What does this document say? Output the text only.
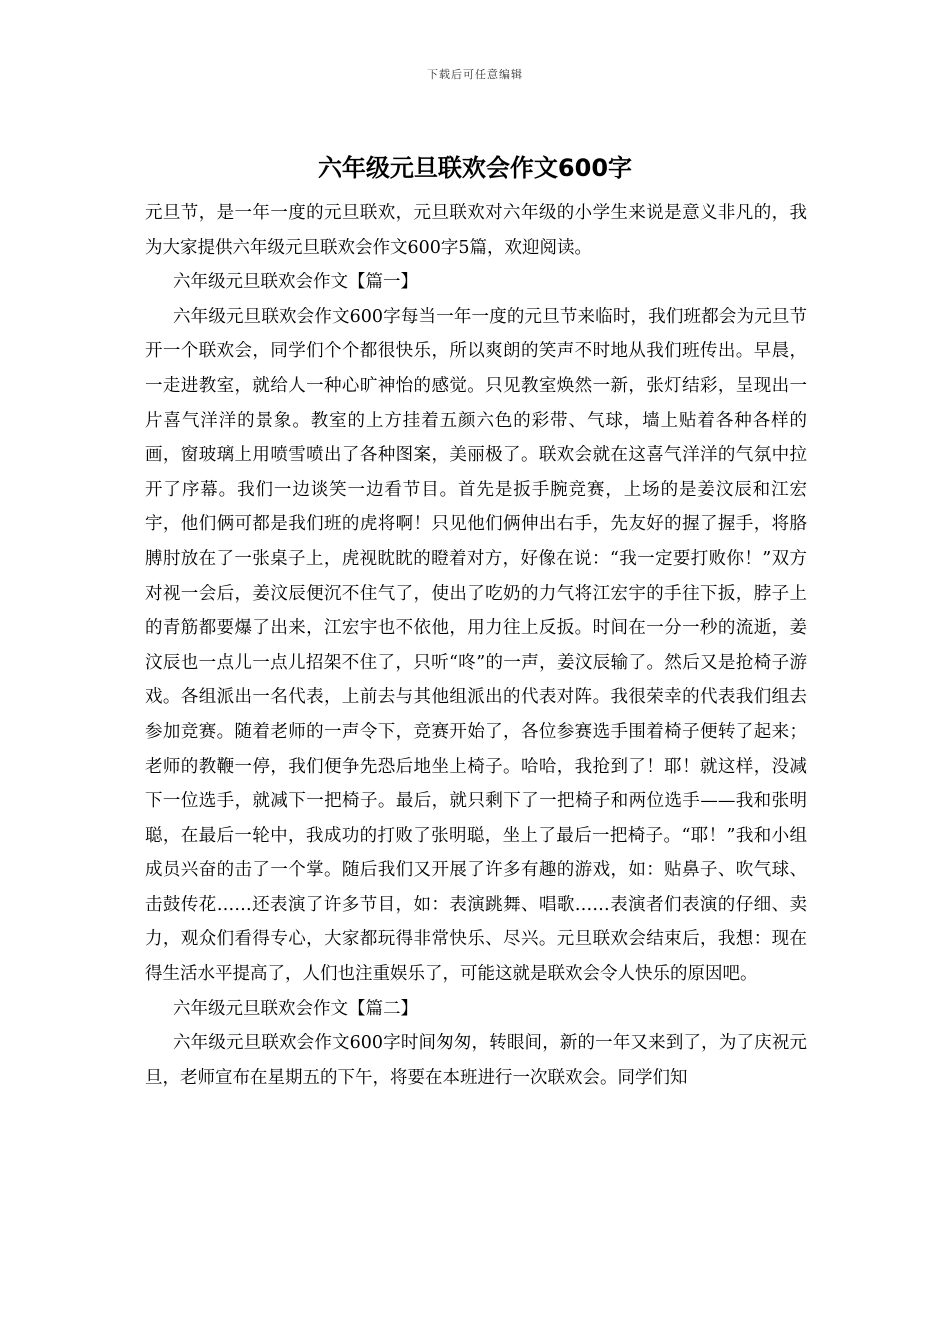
下载后可任意编辑
六年级元旦联欢会作文600字

元旦节，是一年一度的元旦联欢，元旦联欢对六年级的小学生来说是意义非凡的，我为大家提供六年级元旦联欢会作文600字5篇，欢迎阅读。

六年级元旦联欢会作文【篇一】

六年级元旦联欢会作文600字每当一年一度的元旦节来临时，我们班都会为元旦节开一个联欢会，同学们个个都很快乐，所以爽朗的笑声不时地从我们班传出。早晨，一走进教室，就给人一种心旷神怡的感觉。只见教室焕然一新，张灯结彩，呈现出一片喜气洋洋的景象。教室的上方挂着五颜六色的彩带、气球，墙上贴着各种各样的画，窗玻璃上用喷雪喷出了各种图案，美丽极了。联欢会就在这喜气洋洋的气氛中拉开了序幕。我们一边谈笑一边看节目。首先是扳手腕竞赛，上场的是姜汶辰和江宏宇，他们俩可都是我们班的虎将啊！只见他们俩伸出右手，先友好的握了握手，将胳膊肘放在了一张桌子上，虎视眈眈的瞪着对方，好像在说：“我一定要打败你！”双方对视一会后，姜汶辰便沉不住气了，使出了吃奶的力气将江宏宇的手往下扳，脖子上的青筋都要爆了出来，江宏宇也不依他，用力往上反扳。时间在一分一秒的流逝，姜汶辰也一点儿一点儿招架不住了，只听“咚”的一声，姜汶辰输了。然后又是抢椅子游戏。各组派出一名代表，上前去与其他组派出的代表对阵。我很荣幸的代表我们组去参加竞赛。随着老师的一声令下，竞赛开始了，各位参赛选手围着椅子便转了起来；老师的教鞭一停，我们便争先恐后地坐上椅子。哈哈，我抢到了！耶！就这样，没减下一位选手，就减下一把椅子。最后，就只剩下了一把椅子和两位选手——我和张明聪，在最后一轮中，我成功的打败了张明聪，坐上了最后一把椅子。“耶！”我和小组成员兴奋的击了一个掌。随后我们又开展了许多有趣的游戏，如：贴鼻子、吹气球、击鼓传花……还表演了许多节目，如：表演跳舞、唱歌……表演者们表演的仔细、卖力，观众们看得专心，大家都玩得非常快乐、尽兴。元旦联欢会结束后，我想：现在得生活水平提高了，人们也注重娱乐了，可能这就是联欢会令人快乐的原因吧。

六年级元旦联欢会作文【篇二】

六年级元旦联欢会作文600字时间匆匆，转眼间，新的一年又来到了，为了庆祝元旦，老师宣布在星期五的下午，将要在本班进行一次联欢会。同学们知
